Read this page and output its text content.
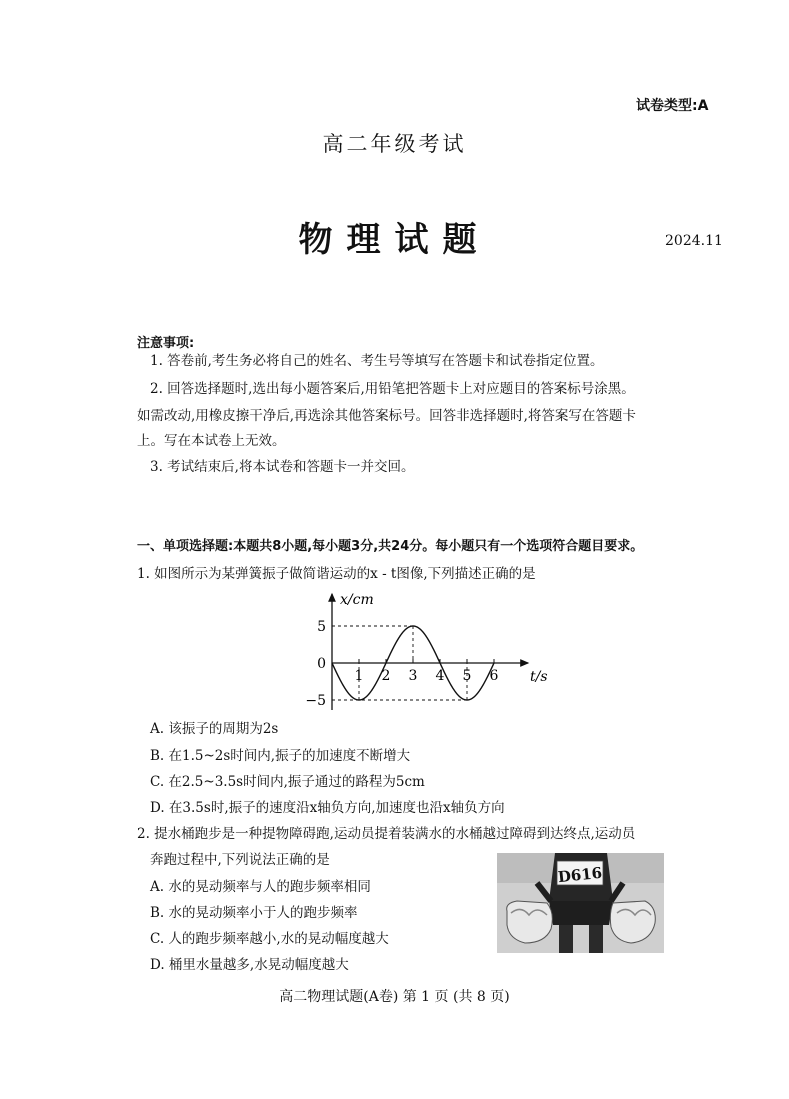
试卷类型:A
高二年级考试
物理试题	2024.11
注意事项:
1. 答卷前,考生务必将自己的姓名、考生号等填写在答题卡和试卷指定位置。
2. 回答选择题时,选出每小题答案后,用铅笔把答题卡上对应题目的答案标号涂黑。
如需改动,用橡皮擦干净后,再选涂其他答案标号。回答非选择题时,将答案写在答题卡
上。写在本试卷上无效。
3. 考试结束后,将本试卷和答题卡一并交回。
一、单项选择题:本题共8小题,每小题3分,共24分。每小题只有一个选项符合题目要求。
1. 如图所示为某弹簧振子做简谐运动的x - t图像,下列描述正确的是
1 2 3 4 5 6
5
0
−5
x/cm
t/s
A. 该振子的周期为2s
B. 在1.5~2s时间内,振子的加速度不断增大
C. 在2.5~3.5s时间内,振子通过的路程为5cm
D. 在3.5s时,振子的速度沿x轴负方向,加速度也沿x轴负方向
2. 提水桶跑步是一种提物障碍跑,运动员提着装满水的水桶越过障碍到达终点,运动员
奔跑过程中,下列说法正确的是
A. 水的晃动频率与人的跑步频率相同
B. 水的晃动频率小于人的跑步频率
C. 人的跑步频率越小,水的晃动幅度越大
D. 桶里水量越多,水晃动幅度越大
D616
高二物理试题(A卷) 第 1 页 (共 8 页)
